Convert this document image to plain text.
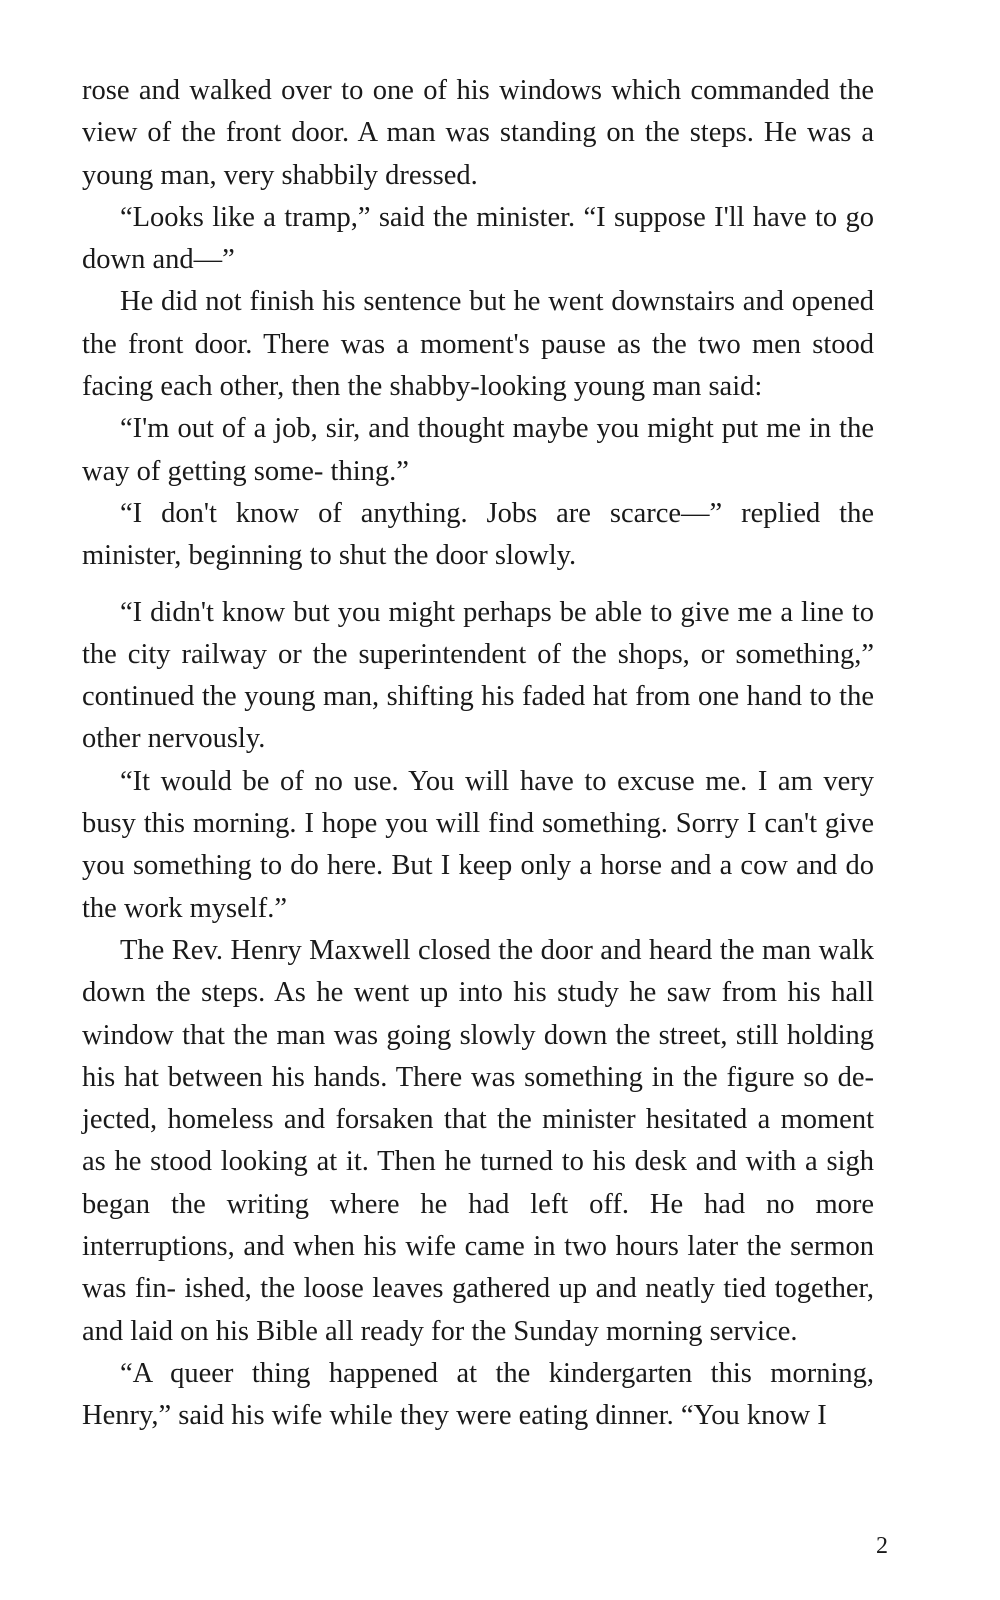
rose and walked over to one of his windows which commanded the view of the front door. A man was standing on the steps. He was a young man, very shabbily dressed.

“Looks like a tramp,” said the minister. “I suppose I'll have to go down and—”

He did not finish his sentence but he went downstairs and opened the front door. There was a moment's pause as the two men stood facing each other, then the shabby-looking young man said:

“I'm out of a job, sir, and thought maybe you might put me in the way of getting some- thing.”

“I don't know of anything. Jobs are scarce—” replied the minister, beginning to shut the door slowly.

“I didn't know but you might perhaps be able to give me a line to the city railway or the superintendent of the shops, or something,” continued the young man, shifting his faded hat from one hand to the other nervously.

“It would be of no use. You will have to excuse me. I am very busy this morning. I hope you will find something. Sorry I can't give you something to do here. But I keep only a horse and a cow and do the work myself.”

The Rev. Henry Maxwell closed the door and heard the man walk down the steps. As he went up into his study he saw from his hall window that the man was going slowly down the street, still holding his hat between his hands. There was something in the figure so de- jected, homeless and forsaken that the minister hesitated a moment as he stood looking at it. Then he turned to his desk and with a sigh began the writing where he had left off. He had no more interruptions, and when his wife came in two hours later the sermon was fin- ished, the loose leaves gathered up and neatly tied together, and laid on his Bible all ready for the Sunday morning service.

“A queer thing happened at the kindergarten this morning, Henry,” said his wife while they were eating dinner. “You know I

2
